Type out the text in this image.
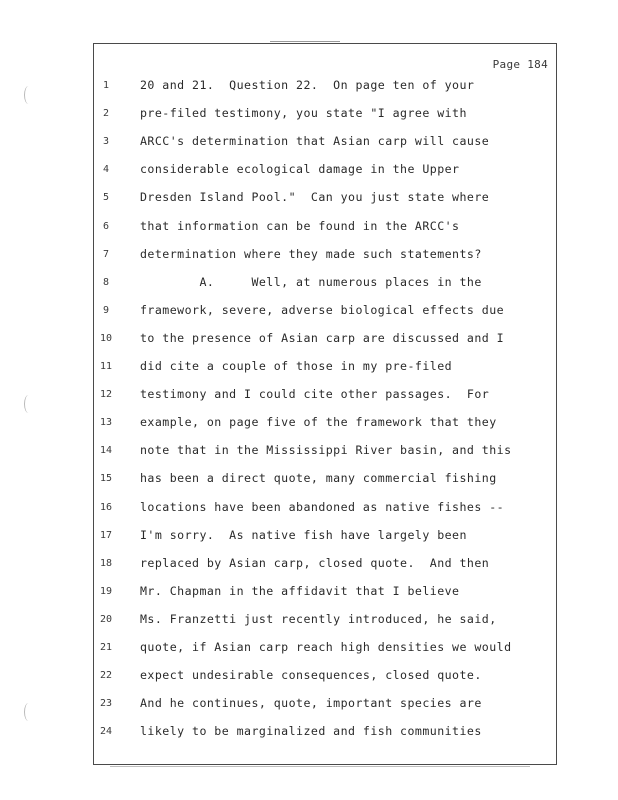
Page 184
1	20 and 21.  Question 22.  On page ten of your
2	pre-filed testimony, you state "I agree with
3	ARCC's determination that Asian carp will cause
4	considerable ecological damage in the Upper
5	Dresden Island Pool."  Can you just state where
6	that information can be found in the ARCC's
7	determination where they made such statements?
8	A.     Well, at numerous places in the
9	framework, severe, adverse biological effects due
10	to the presence of Asian carp are discussed and I
11	did cite a couple of those in my pre-filed
12	testimony and I could cite other passages.  For
13	example, on page five of the framework that they
14	note that in the Mississippi River basin, and this
15	has been a direct quote, many commercial fishing
16	locations have been abandoned as native fishes --
17	I'm sorry.  As native fish have largely been
18	replaced by Asian carp, closed quote.  And then
19	Mr. Chapman in the affidavit that I believe
20	Ms. Franzetti just recently introduced, he said,
21	quote, if Asian carp reach high densities we would
22	expect undesirable consequences, closed quote.
23	And he continues, quote, important species are
24	likely to be marginalized and fish communities
